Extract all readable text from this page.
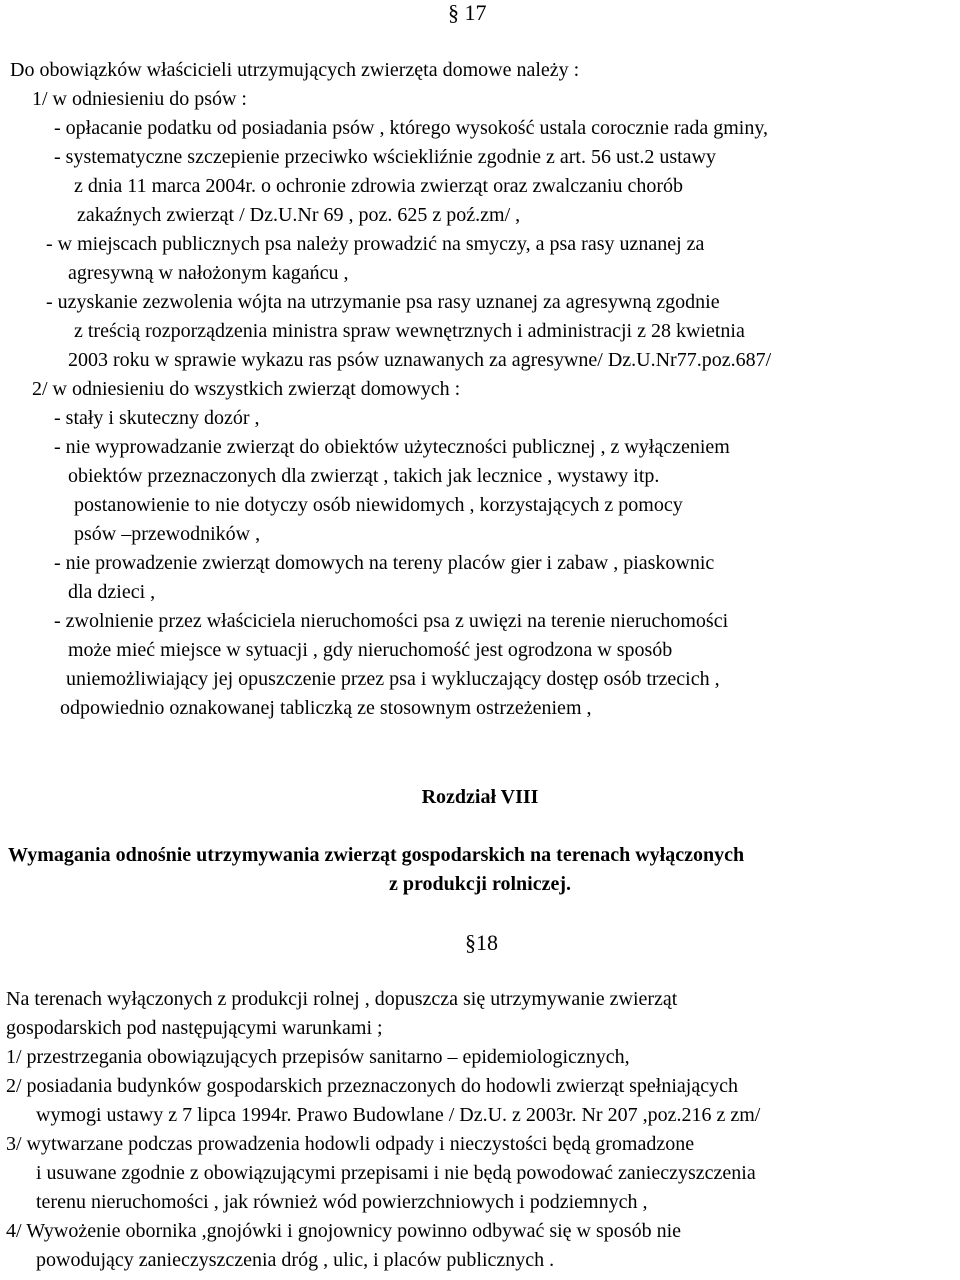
§ 17
Do obowiązków właścicieli utrzymujących zwierzęta domowe należy :
1/ w odniesieniu do psów :
- opłacanie podatku od posiadania psów , którego wysokość ustala corocznie rada gminy,
- systematyczne szczepienie przeciwko wściekliźnie zgodnie z art. 56 ust.2 ustawy
z dnia 11 marca 2004r. o ochronie zdrowia zwierząt oraz zwalczaniu chorób
zakaźnych zwierząt / Dz.U.Nr 69 , poz. 625 z poź.zm/ ,
- w miejscach publicznych psa należy prowadzić na smyczy, a psa rasy uznanej za
agresywną w nałożonym kagańcu ,
- uzyskanie zezwolenia wójta na utrzymanie psa rasy uznanej za agresywną zgodnie
z treścią rozporządzenia ministra spraw wewnętrznych i administracji z 28 kwietnia
2003 roku w sprawie wykazu ras psów uznawanych za agresywne/ Dz.U.Nr77.poz.687/
2/ w odniesieniu do wszystkich zwierząt domowych :
- stały i skuteczny dozór ,
- nie wyprowadzanie zwierząt do obiektów użyteczności publicznej , z wyłączeniem
obiektów przeznaczonych dla zwierząt , takich jak lecznice , wystawy itp.
postanowienie to nie dotyczy osób niewidomych , korzystających z pomocy
psów –przewodników ,
- nie prowadzenie zwierząt domowych na tereny placów gier i zabaw , piaskownic
dla dzieci ,
- zwolnienie przez właściciela nieruchomości psa z uwięzi na terenie nieruchomości
może mieć miejsce w sytuacji , gdy nieruchomość jest ogrodzona w sposób
uniemożliwiający jej opuszczenie przez psa i wykluczający dostęp osób trzecich ,
odpowiednio oznakowanej tabliczką ze stosownym ostrzeżeniem ,
Rozdział VIII
Wymagania odnośnie utrzymywania zwierząt gospodarskich na terenach wyłączonych
z produkcji rolniczej.
§18
Na terenach wyłączonych z produkcji rolnej , dopuszcza się utrzymywanie zwierząt
gospodarskich pod następującymi warunkami ;
1/ przestrzegania obowiązujących przepisów sanitarno – epidemiologicznych,
2/ posiadania budynków gospodarskich przeznaczonych do hodowli zwierząt spełniających
wymogi ustawy z 7 lipca 1994r. Prawo Budowlane / Dz.U. z 2003r. Nr 207 ,poz.216 z zm/
3/ wytwarzane podczas prowadzenia hodowli odpady i nieczystości będą gromadzone
i usuwane zgodnie z obowiązującymi przepisami i nie będą powodować zanieczyszczenia
terenu nieruchomości , jak również wód powierzchniowych i podziemnych ,
4/ Wywożenie obornika ,gnojówki i gnojownicy powinno odbywać się w sposób nie
powodujący zanieczyszczenia dróg , ulic, i placów publicznych .
